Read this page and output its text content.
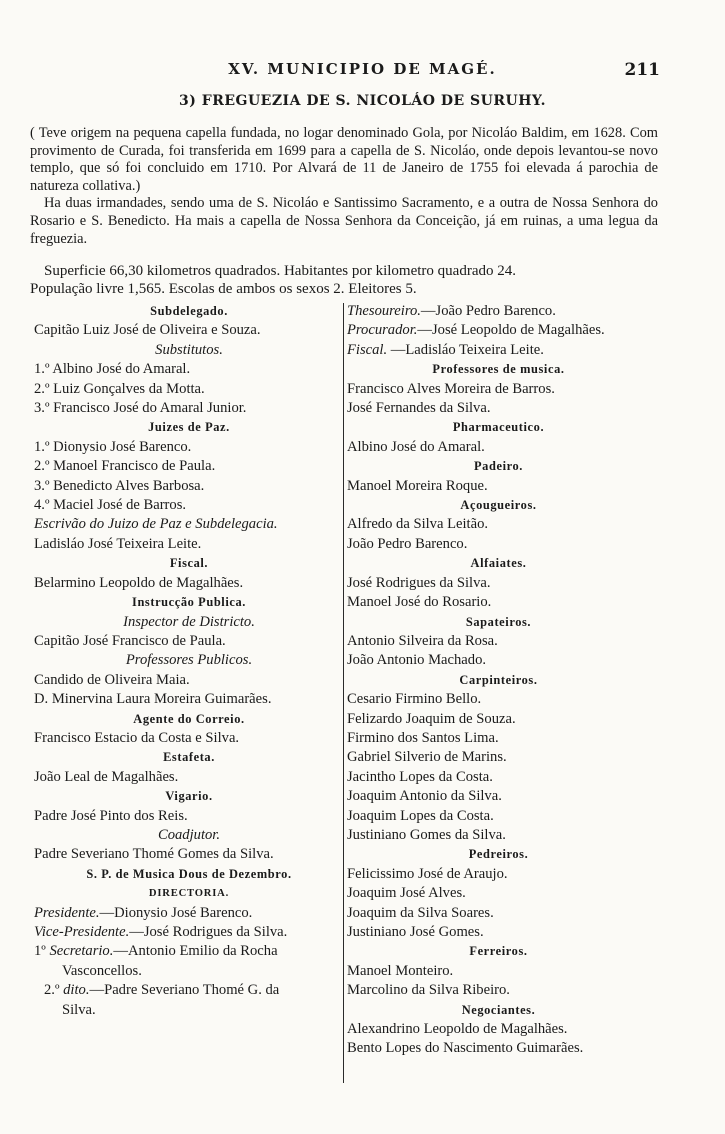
XV. MUNICIPIO DE MAGÉ.	211
3) FREGUEZIA DE S. NICOLÁO DE SURUHY.

( Teve origem na pequena capella fundada, no logar denominado Gola, por Nicoláo Baldim, em 1628. Com provimento de Curada, foi transferida em 1699 para a capella de S. Nicoláo, onde depois levantou-se novo templo, que só foi concluido em 1710. Por Alvará de 11 de Janeiro de 1755 foi elevada á parochia de natureza collativa.)

Ha duas irmandades, sendo uma de S. Nicoláo e Santissimo Sacramento, e a outra de Nossa Senhora do Rosario e S. Benedicto. Ha mais a capella de Nossa Senhora da Conceição, já em ruinas, a uma legua da freguezia.

Superficie 66,30 kilometros quadrados. Habitantes por kilometro quadrado 24.

População livre 1,565. Escolas de ambos os sexos 2. Eleitores 5.

Subdelegado.
Capitão Luiz José de Oliveira e Souza.
Substitutos.
1.º Albino José do Amaral.
2.º Luiz Gonçalves da Motta.
3.º Francisco José do Amaral Junior.
Juizes de Paz.
1.º Dionysio José Barenco.
2.º Manoel Francisco de Paula.
3.º Benedicto Alves Barbosa.
4.º Maciel José de Barros.
Escrivão do Juizo de Paz e Subdelegacia.
Ladisláo José Teixeira Leite.
Fiscal.
Belarmino Leopoldo de Magalhães.
Instrucção Publica.
Inspector de Districto.
Capitão José Francisco de Paula.
Professores Publicos.
Candido de Oliveira Maia.
D. Minervina Laura Moreira Guimarães.
Agente do Correio.
Francisco Estacio da Costa e Silva.
Estafeta.
João Leal de Magalhães.
Vigario.
Padre José Pinto dos Reis.
Coadjutor.
Padre Severiano Thomé Gomes da Silva.
S. P. de Musica Dous de Dezembro.
DIRECTORIA.
Presidente.—Dionysio José Barenco.
Vice-Presidente.—José Rodrigues da Silva.
1º Secretario.—Antonio Emilio da Rocha
Vasconcellos.
2.º dito.—Padre Severiano Thomé G. da
Silva.
Thesoureiro.—João Pedro Barenco.
Procurador.—José Leopoldo de Magalhães.
Fiscal. —Ladisláo Teixeira Leite.
Professores de musica.
Francisco Alves Moreira de Barros.
José Fernandes da Silva.
Pharmaceutico.
Albino José do Amaral.
Padeiro.
Manoel Moreira Roque.
Açougueiros.
Alfredo da Silva Leitão.
João Pedro Barenco.
Alfaiates.
José Rodrigues da Silva.
Manoel José do Rosario.
Sapateiros.
Antonio Silveira da Rosa.
João Antonio Machado.
Carpinteiros.
Cesario Firmino Bello.
Felizardo Joaquim de Souza.
Firmino dos Santos Lima.
Gabriel Silverio de Marins.
Jacintho Lopes da Costa.
Joaquim Antonio da Silva.
Joaquim Lopes da Costa.
Justiniano Gomes da Silva.
Pedreiros.
Felicissimo José de Araujo.
Joaquim José Alves.
Joaquim da Silva Soares.
Justiniano José Gomes.
Ferreiros.
Manoel Monteiro.
Marcolino da Silva Ribeiro.
Negociantes.
Alexandrino Leopoldo de Magalhães.
Bento Lopes do Nascimento Guimarães.
